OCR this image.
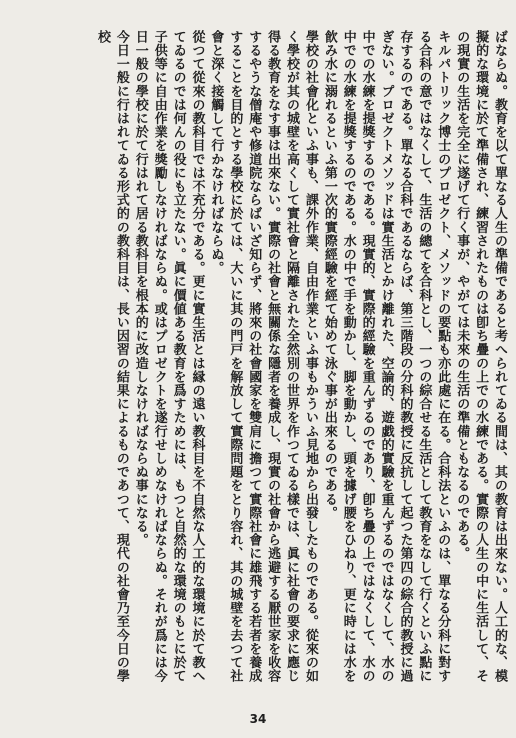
ばならぬ。教育を以て單なる人生の準備であると考へられてゐる間は、其の教育は出來ない。人工的な、模擬的な環境に於て準備され、練習されたものは卽ち疊の上での水練である。實際の人生の中に生活して、その現實の生活を完全に遂げて行く事が、やがては未來の生活の準備ともなるのである。

キルパトリック博士のプロゼクト、メソッドの要點も亦此處に在る。合科法といふのは、單なる分科に對する合科の意ではなくして、生活の總てを合科とし、一つの綜合せる生活として教育をなして行くといふ點に存するのである。單なる合科であるならば、第三階段の分科的教授に反抗して起つた第四の綜合的教授に過ぎない。プロゼクトメソッドは實生活とかけ離れた、空論的、遊戯的實驗を重んずるのではなくして、水の中での水練を提獎するのである。現實的、實際的經驗を重んずるのであり、卽ち疊の上ではなくして、水の中での水練を提獎するのである。水の中で手を動かし、脚を動かし、頭を據げ腰をひねり、更に時には水を飮み水に溺れるといふ第一次的實際經驗を經て始めて泳ぐ事が出來るのである。

學校の社會化といふ事も、課外作業、自由作業といふ事もかういふ見地から出發したものである。從來の如く學校が其の城壁を高くして實社會と隔離された全然別の世界を作つてゐる樣では、眞に社會の要求に應じ得る教育をなす事は出來ない。實際の社會と無關係な隱者を養成し、現實の社會から逃避する厭世家を收容するやうな僧庵や修道院ならばいざ知らず、將來の社會國家を雙肩に擔つて實際社會に雄飛する若者を養成することを目的とする學校に於ては、大いに其の門戸を解放して實際問題をとり容れ、其の城壁を去つて社會と深く接觸して行かなければならぬ。

從つて從來の教科目では不充分である。更に實生活とは縁の遠い教科目を不自然な人工的な環境に於て教へてゐるのでは何んの役にも立たない。眞に價値ある教育を爲すためには、もつと自然的な環境のもとに於て子供等に自由作業を獎勵しなければならぬ。或はプロゼクトを遂行せしめなければならぬ。それが爲には今日一般の學校に於て行はれて居る教科目を根本的に改造しなければならぬ事になる。

今日一般に行はれてゐる形式的の教科目は、長い因習の結果によるものであつて、現代の社會乃至今日の學校

34
